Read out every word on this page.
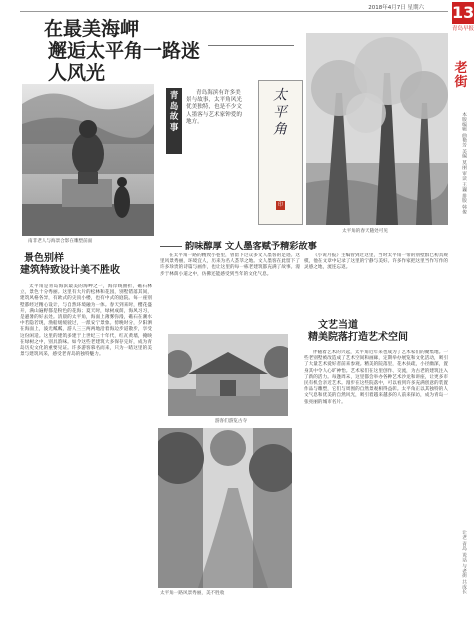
2018年4月7日 星期六 13
青岛早报
老
街
本版编辑 曲艳芳 美编 莫丽 审读 王巍 排版 韩俊
让老 青岛 说话 与老街 共成长
在最美海岬
邂逅太平角一路迷人风光
南非老人与海景合影在雕塑前面
青岛故事

青岛海滨有许多美景与故事，太平角风光优美独特，也是不少文人墨客与艺术家钟爱的地方。	太平角
印
太平角的春天随处可见
韵味醇厚 文人墨客赋予精彩故事

在太平角一路的精致小巷里，曾留下过众多文人墨客的足迹。这里风景秀丽，环境宜人，历来为名人荟萃之地。文人墨客在此留下了许多珍贵的诗篇与画作，也让这里的每一栋老建筑都充满了故事。漫步于林荫小道之中，仿佛还能感受到当年的文化气息。

《小说月报》主编曾到过这里，当时太平角一带的别墅群已初具规模，他在文章中记录了这里的宁静与美好。许多作家把这里当作写作的灵感之地，流连忘返。

景色别样
建筑特致设计美不胜收

太平角是青岛海滨最美的海岬之一，海岸线曲折，礁石林立，景色十分秀丽。这里有大片的松林和花园，别墅错落其间，建筑风格各异，有欧式的尖顶小楼，也有中式的庭院。每一座别墅都经过精心设计，与自然环境融为一体。春天到来时，樱花盛开，满山遍野都是粉色的花海；夏天时，绿树成荫，海风习习，是避暑的好去处。清晨的太平角，海面上薄雾弥漫，礁石在潮水中若隐若现，渔船缓缓驶过，一派安宁景象。傍晚时分，夕阳洒在海面上，波光粼粼，游人三三两两地沿着海边步道散步，享受这份闲适。这里的建筑多建于上世纪三十年代，红瓦黄墙，掩映在绿树之中，别具韵味。如今这些老建筑大多保存完好，成为青岛历史文化的重要见证。许多游客慕名而来，只为一睹这里的美景与建筑风采，感受老青岛的独特魅力。

游客们游览古寺
文艺当道
精美院落打造艺术空间

伴随着艺术的兴起，太平角近年来也成为了艺术家们的聚集地。一些老别墅被改造成了艺术空间和画廊，定期举办展览和文化活动，吸引了大量艺术爱好者前来参观。精美的院落里，花木扶疏，小径幽深，置身其中令人心旷神怡。艺术家们在这里创作、交流，为古老的建筑注入了新的活力。每逢周末，这里都会举办各种艺术沙龙和讲座，让更多市民有机会亲近艺术。漫步在这些院落中，可以看到许多充满创意的装置作品与雕塑，它们与周围的自然景观相得益彰。太平角正以其独特的人文气息和优美的自然风光，吸引着越来越多的人前来探访，成为青岛一张亮丽的城市名片。

太平角一路风景秀丽，美不胜收
